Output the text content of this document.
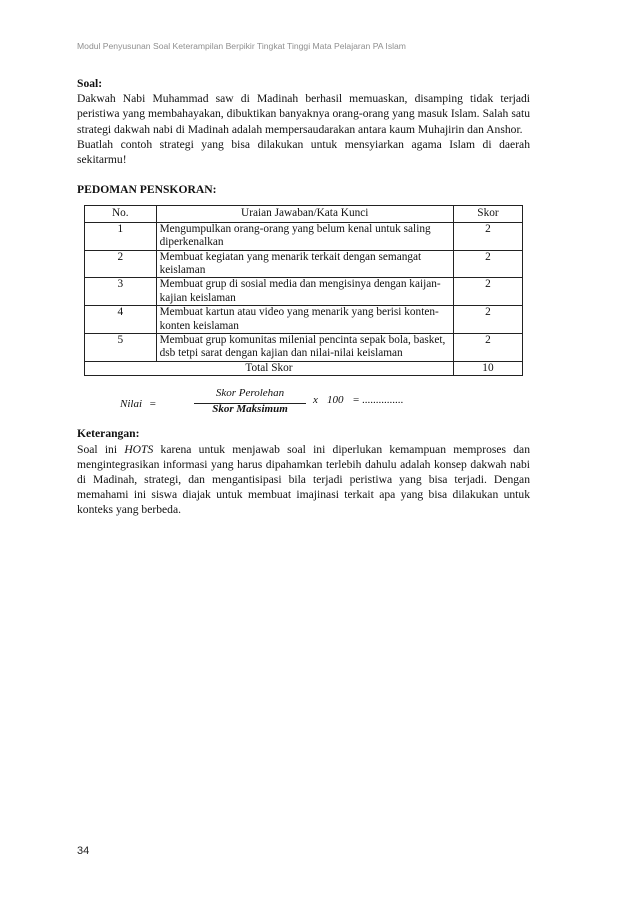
Modul Penyusunan Soal Keterampilan Berpikir Tingkat Tinggi Mata Pelajaran PA Islam
Soal:

Dakwah Nabi Muhammad saw di Madinah berhasil memuaskan, disamping tidak terjadi peristiwa yang membahayakan, dibuktikan banyaknya orang-orang yang masuk Islam. Salah satu strategi dakwah nabi di Madinah adalah mempersaudarakan antara kaum Muhajirin dan Anshor.

Buatlah contoh strategi yang bisa dilakukan untuk mensyiarkan agama Islam di daerah sekitarmu!

PEDOMAN PENSKORAN:
No.	Uraian Jawaban/Kata Kunci	Skor
1	Mengumpulkan orang-orang yang belum kenal untuk saling diperkenalkan	2
2	Membuat kegiatan yang menarik terkait dengan semangat keislaman	2
3	Membuat grup di sosial media dan mengisinya dengan kaijan-kajian keislaman	2
4	Membuat kartun atau video yang menarik yang berisi konten-konten keislaman	2
5	Membuat grup komunitas milenial pencinta sepak bola, basket, dsb tetpi sarat dengan kajian dan nilai-nilai keislaman	2
Total Skor		10
Nilai =
Skor Perolehan
Skor Maksimum
x 100 = ...............
Keterangan:

Soal ini HOTS karena untuk menjawab soal ini diperlukan kemampuan memproses dan mengintegrasikan informasi yang harus dipahamkan terlebih dahulu adalah konsep dakwah nabi di Madinah, strategi, dan mengantisipasi bila terjadi peristiwa yang bisa terjadi. Dengan memahami ini siswa diajak untuk membuat imajinasi terkait apa yang bisa dilakukan untuk konteks yang berbeda.

34
